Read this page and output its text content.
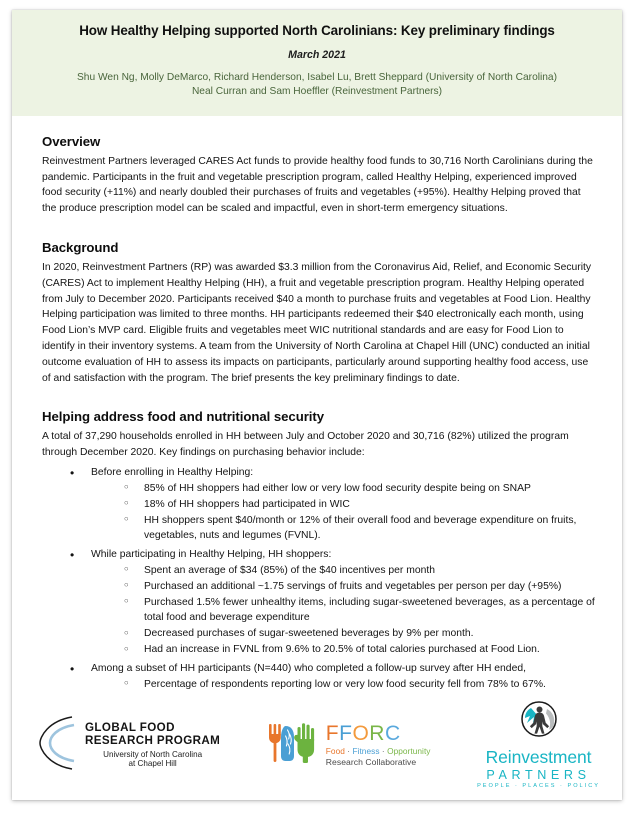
How Healthy Helping supported North Carolinians: Key preliminary findings
March 2021
Shu Wen Ng, Molly DeMarco, Richard Henderson, Isabel Lu, Brett Sheppard (University of North Carolina)
Neal Curran and Sam Hoeffler (Reinvestment Partners)
Overview

Reinvestment Partners leveraged CARES Act funds to provide healthy food funds to 30,716 North Carolinians during the pandemic. Participants in the fruit and vegetable prescription program, called Healthy Helping, experienced improved food security (+11%) and nearly doubled their purchases of fruits and vegetables (+95%). Healthy Helping proved that the produce prescription model can be scaled and impactful, even in short-term emergency situations.

Background

In 2020, Reinvestment Partners (RP) was awarded $3.3 million from the Coronavirus Aid, Relief, and Economic Security (CARES) Act to implement Healthy Helping (HH), a fruit and vegetable prescription program. Healthy Helping operated from July to December 2020. Participants received $40 a month to purchase fruits and vegetables at Food Lion. Healthy Helping participation was limited to three months. HH participants redeemed their $40 electronically each month, using Food Lion’s MVP card. Eligible fruits and vegetables meet WIC nutritional standards and are easy for Food Lion to identify in their inventory systems. A team from the University of North Carolina at Chapel Hill (UNC) conducted an initial outcome evaluation of HH to assess its impacts on participants, particularly around supporting healthy food access, use of and satisfaction with the program. The brief presents the key preliminary findings to date.

Helping address food and nutritional security

A total of 37,290 households enrolled in HH between July and October 2020 and 30,716 (82%) utilized the program through December 2020. Key findings on purchasing behavior include:

• Before enrolling in Healthy Helping:
○ 85% of HH shoppers had either low or very low food security despite being on SNAP
○ 18% of HH shoppers had participated in WIC
○ HH shoppers spent $40/month or 12% of their overall food and beverage expenditure on fruits, vegetables, nuts and legumes (FVNL).
• While participating in Healthy Helping, HH shoppers:
○ Spent an average of $34 (85%) of the $40 incentives per month
○ Purchased an additional ~1.75 servings of fruits and vegetables per person per day (+95%)
○ Purchased 1.5% fewer unhealthy items, including sugar-sweetened beverages, as a percentage of total food and beverage expenditure
○ Decreased purchases of sugar-sweetened beverages by 9% per month.
○ Had an increase in FVNL from 9.6% to 20.5% of total calories purchased at Food Lion.
• Among a subset of HH participants (N=440) who completed a follow-up survey after HH ended,
○ Percentage of respondents reporting low or very low food security fell from 78% to 67%.
GLOBAL FOOD
RESEARCH PROGRAM
University of North Carolina
at Chapel Hill
FFORC
Food · Fitness · Opportunity
Research Collaborative	Reinvestment
PARTNERS
PEOPLE · PLACES · POLICY
